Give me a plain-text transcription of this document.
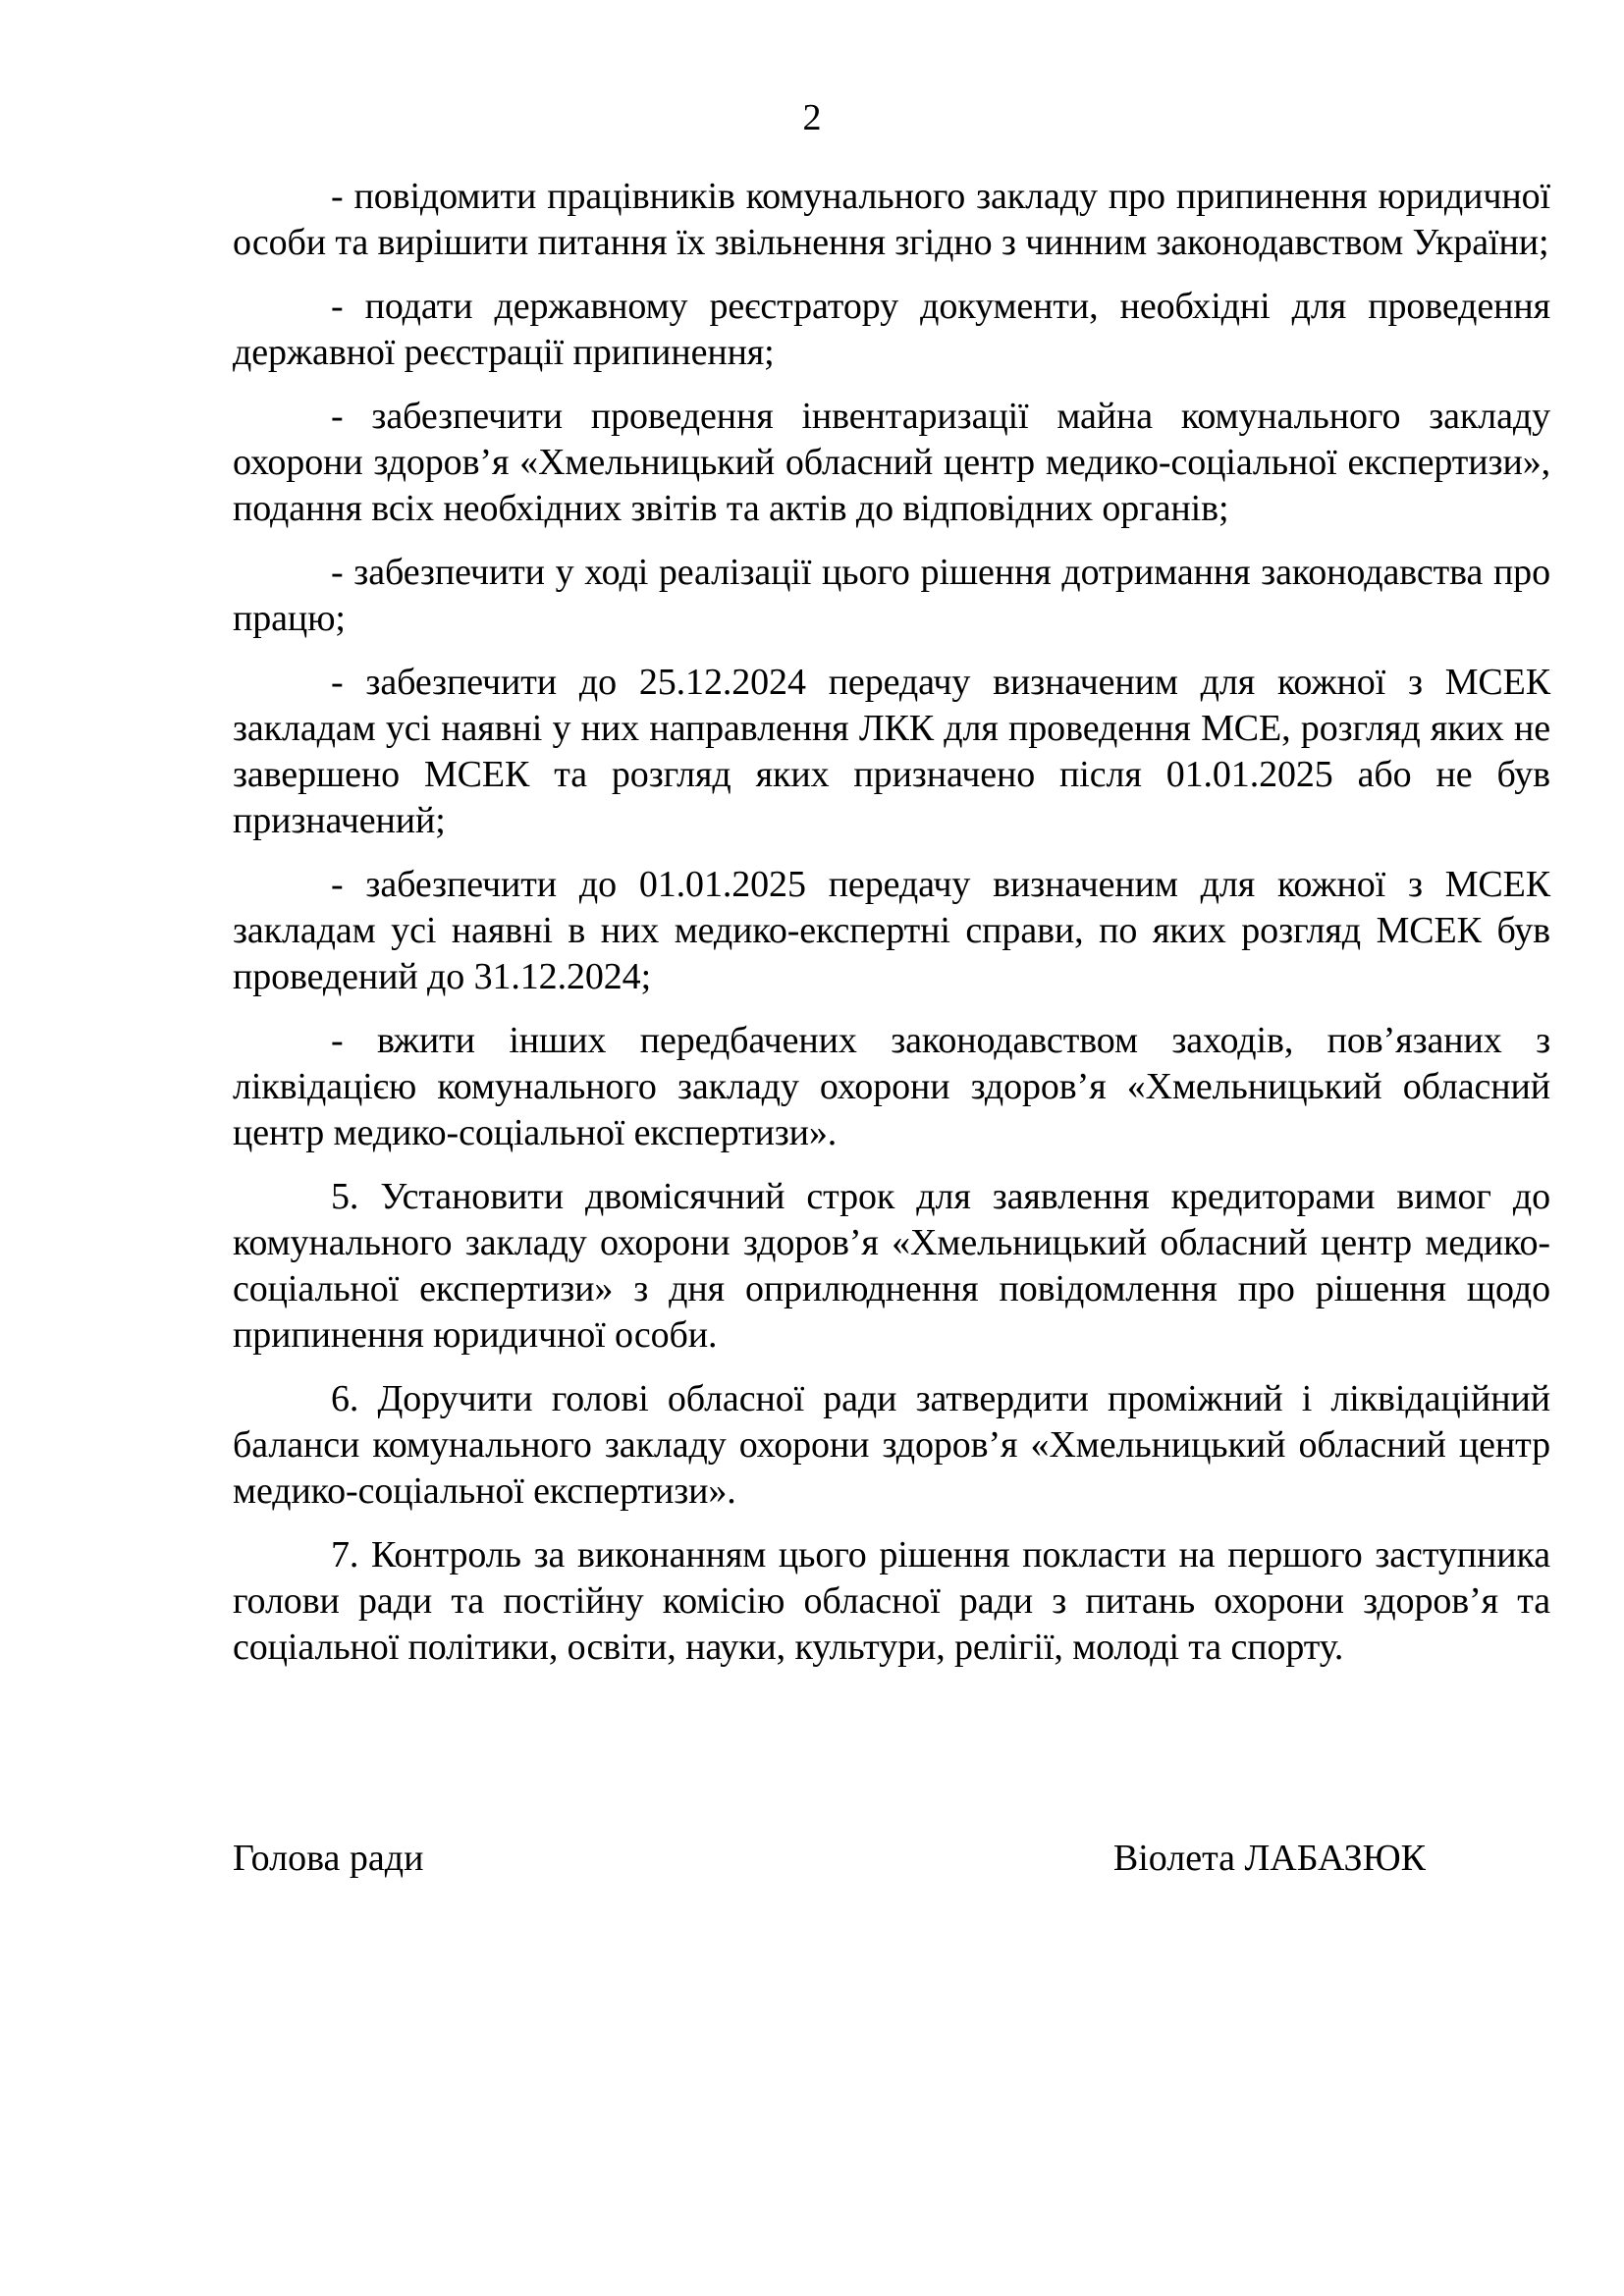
2

- повідомити працівників комунального закладу про припинення юридичної особи та вирішити питання їх звільнення згідно з чинним законодавством України;

- подати державному реєстратору документи, необхідні для проведення державної реєстрації припинення;

- забезпечити проведення інвентаризації майна комунального закладу охорони здоров’я «Хмельницький обласний центр медико-соціальної експертизи», подання всіх необхідних звітів та актів до відповідних органів;

- забезпечити у ході реалізації цього рішення дотримання законодавства про працю;

- забезпечити до 25.12.2024 передачу визначеним для кожної з МСЕК закладам усі наявні у них направлення ЛКК для проведення МСЕ, розгляд яких не завершено МСЕК та розгляд яких призначено після 01.01.2025 або не був призначений;

- забезпечити до 01.01.2025 передачу визначеним для кожної з МСЕК закладам усі наявні в них медико-експертні справи, по яких розгляд МСЕК був проведений до 31.12.2024;

- вжити інших передбачених законодавством заходів, пов’язаних з ліквідацією комунального закладу охорони здоров’я «Хмельницький обласний центр медико-соціальної експертизи».

5. Установити двомісячний строк для заявлення кредиторами вимог до комунального закладу охорони здоров’я «Хмельницький обласний центр медико-соціальної експертизи» з дня оприлюднення повідомлення про рішення щодо припинення юридичної особи.

6. Доручити голові обласної ради затвердити проміжний і ліквідаційний баланси комунального закладу охорони здоров’я «Хмельницький обласний центр медико-соціальної експертизи».

7. Контроль за виконанням цього рішення покласти на першого заступника голови ради та постійну комісію обласної ради з питань охорони здоров’я та соціальної політики, освіти, науки, культури, релігії, молоді та спорту.

Голова ради	Віолета ЛАБАЗЮК
